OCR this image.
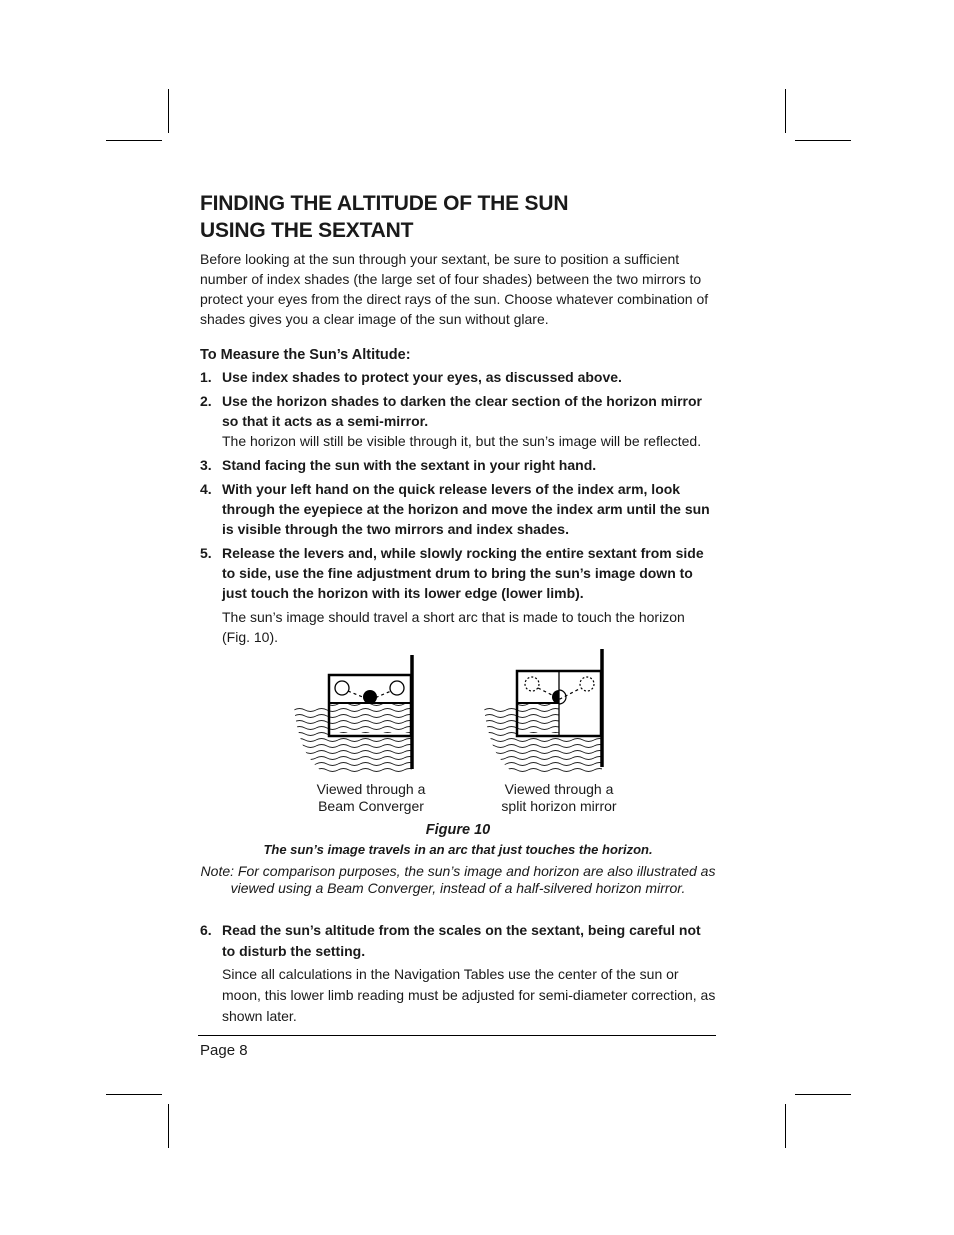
FINDING THE ALTITUDE OF THE SUN
USING THE SEXTANT

Before looking at the sun through your sextant, be sure to position a sufficient number of index shades (the large set of four shades) between the two mirrors to protect your eyes from the direct rays of the sun. Choose whatever combination of shades gives you a clear image of the sun without glare.

To Measure the Sun’s Altitude:

1. Use index shades to protect your eyes, as discussed above.
2. Use the horizon shades to darken the clear section of the horizon mirror so that it acts as a semi-mirror.
The horizon will still be visible through it, but the sun’s image will be reflected.
3. Stand facing the sun with the sextant in your right hand.
4. With your left hand on the quick release levers of the index arm, look through the eyepiece at the horizon and move the index arm until the sun is visible through the two mirrors and index shades.
5. Release the levers and, while slowly rocking the entire sextant from side to side, use the fine adjustment drum to bring the sun’s image down to just touch the horizon with its lower edge (lower limb).
The sun’s image should travel a short arc that is made to touch the horizon (Fig. 10).
Viewed through a
Beam Converger
Viewed through a
split horizon mirror

Figure 10

The sun’s image travels in an arc that just touches the horizon.

Note: For comparison purposes, the sun’s image and horizon are also illustrated as viewed using a Beam Converger, instead of a half-silvered horizon mirror.

6. Read the sun’s altitude from the scales on the sextant, being careful not to disturb the setting.
Since all calculations in the Navigation Tables use the center of the sun or moon, this lower limb reading must be adjusted for semi-diameter correction, as shown later.
Page 8
